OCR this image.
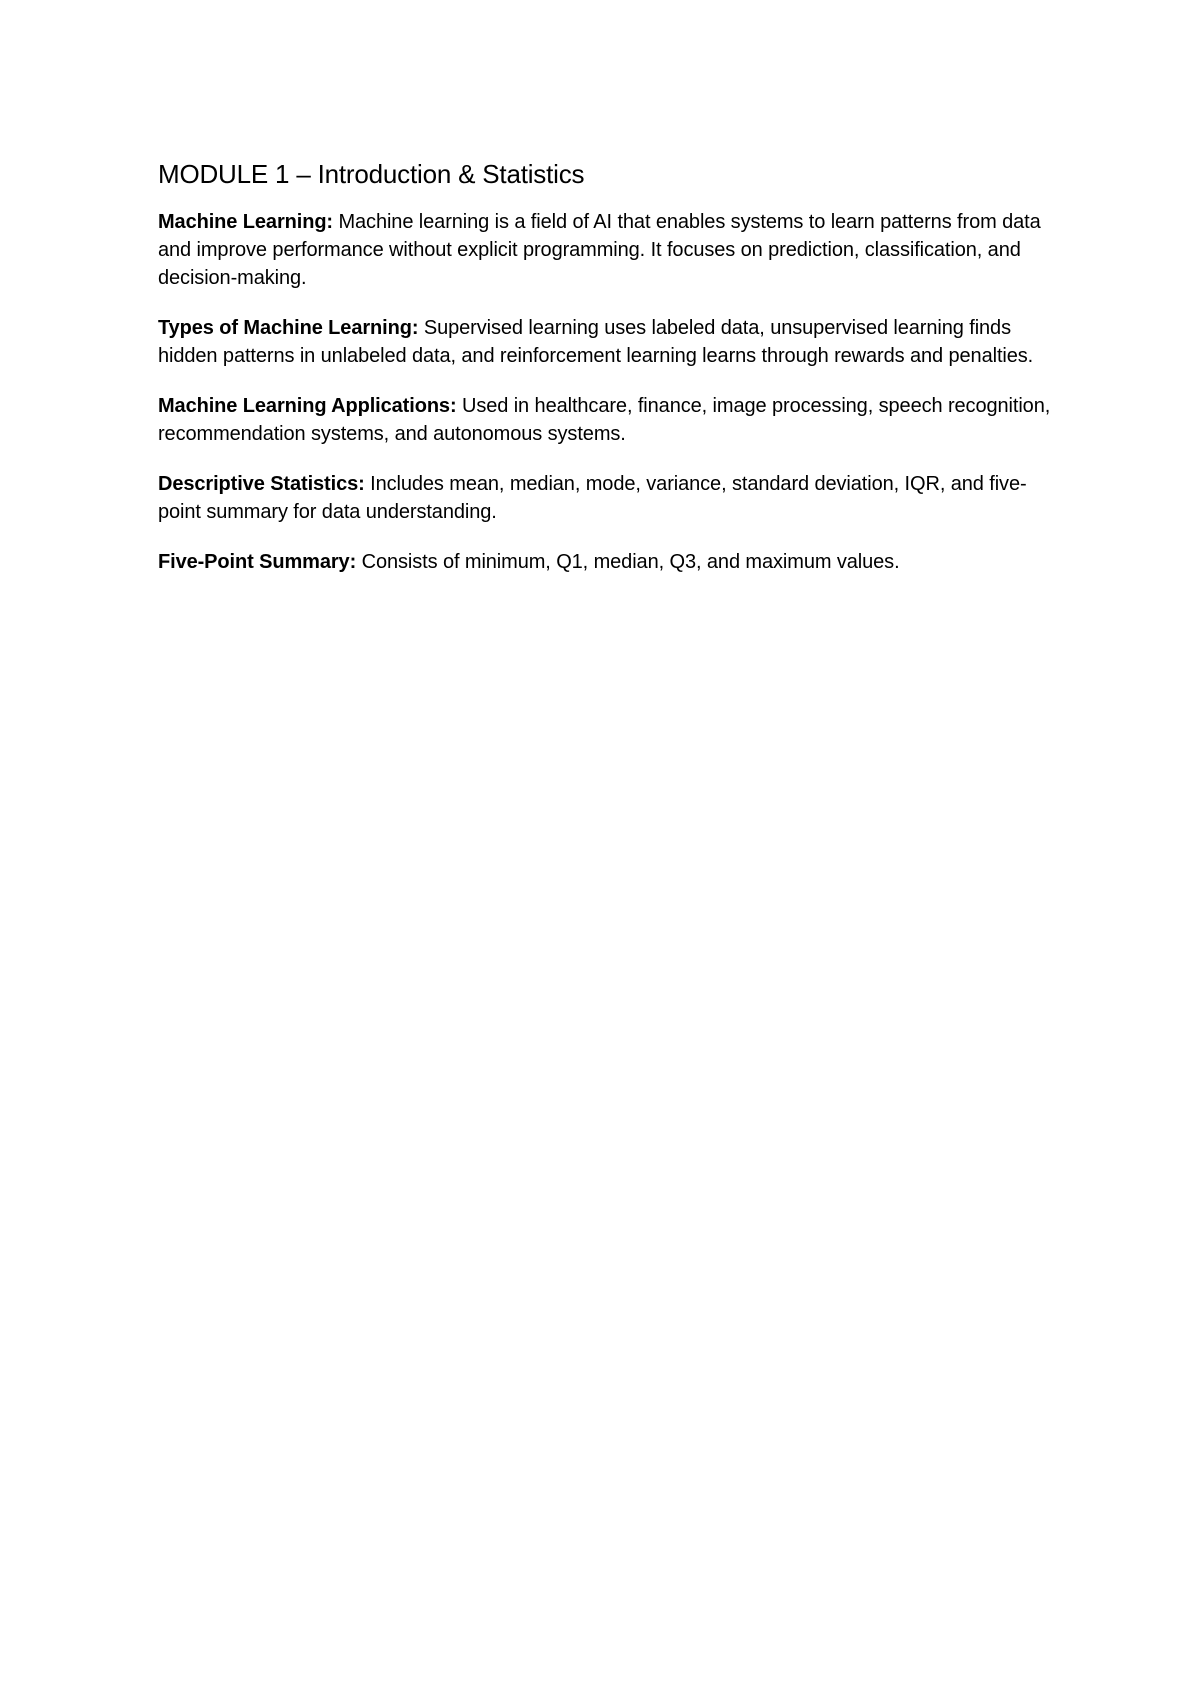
MODULE 1 – Introduction & Statistics

Machine Learning: Machine learning is a field of AI that enables systems to learn patterns from data and improve performance without explicit programming. It focuses on prediction, classification, and decision-making.

Types of Machine Learning: Supervised learning uses labeled data, unsupervised learning finds hidden patterns in unlabeled data, and reinforcement learning learns through rewards and penalties.

Machine Learning Applications: Used in healthcare, finance, image processing, speech recognition, recommendation systems, and autonomous systems.

Descriptive Statistics: Includes mean, median, mode, variance, standard deviation, IQR, and five-point summary for data understanding.

Five-Point Summary: Consists of minimum, Q1, median, Q3, and maximum values.
